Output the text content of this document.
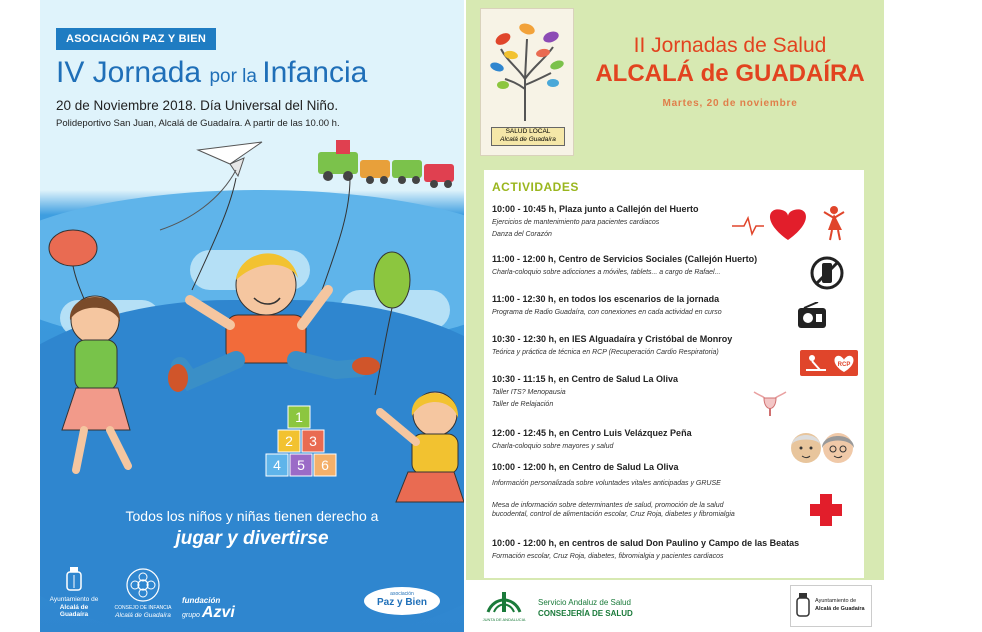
ASOCIACIÓN PAZ Y BIEN
IV Jornada por la Infancia
20 de Noviembre 2018. Día Universal del Niño.
Polideportivo San Juan, Alcalá de Guadaíra. A partir de las 10.00 h.
1
2 3
4 5 6
Todos los niños y niñas tienen derecho a
jugar y divertirse
Ayuntamiento de
Alcalá de Guadaíra
CONSEJO DE INFANCIA
Alcalá de Guadaíra
fundación
grupo Azvi
asociación
Paz y Bien
SALUD LOCAL
Alcalá de Guadaíra
II Jornadas de Salud
ALCALÁ de GUADAÍRA
Martes, 20 de noviembre
ACTIVIDADES
10:00 - 10:45 h, Plaza junto a Callejón del Huerto
Ejercicios de mantenimiento para pacientes cardiacos
Danza del Corazón
11:00 - 12:00 h, Centro de Servicios Sociales (Callejón Huerto)
Charla-coloquio sobre adicciones a móviles, tablets... a cargo de Rafael...
11:00 - 12:30 h, en todos los escenarios de la jornada
Programa de Radio Guadaíra, con conexiones en cada actividad en curso
10:30 - 12:30 h, en IES Alguadaíra y Cristóbal de Monroy
Teórica y práctica de técnica en RCP (Recuperación Cardio Respiratoria)
10:30 - 11:15 h, en Centro de Salud La Oliva
Taller ITS? Menopausia
Taller de Relajación
12:00 - 12:45 h, en Centro Luis Velázquez Peña
Charla-coloquio sobre mayores y salud
10:00 - 12:00 h, en Centro de Salud La Oliva
Información personalizada sobre voluntades vitales anticipadas y GRUSE
Mesa de información sobre determinantes de salud, promoción de la salud
bucodental, control de alimentación escolar, Cruz Roja, diabetes y fibromialgia
10:00 - 12:00 h, en centros de salud Don Paulino y Campo de las Beatas
Formación escolar, Cruz Roja, diabetes, fibromialgia y pacientes cardiacos
RCP
JUNTA DE ANDALUCIA
Servicio Andaluz de Salud
CONSEJERÍA DE SALUD
Ayuntamiento de
Alcalá de Guadaíra
